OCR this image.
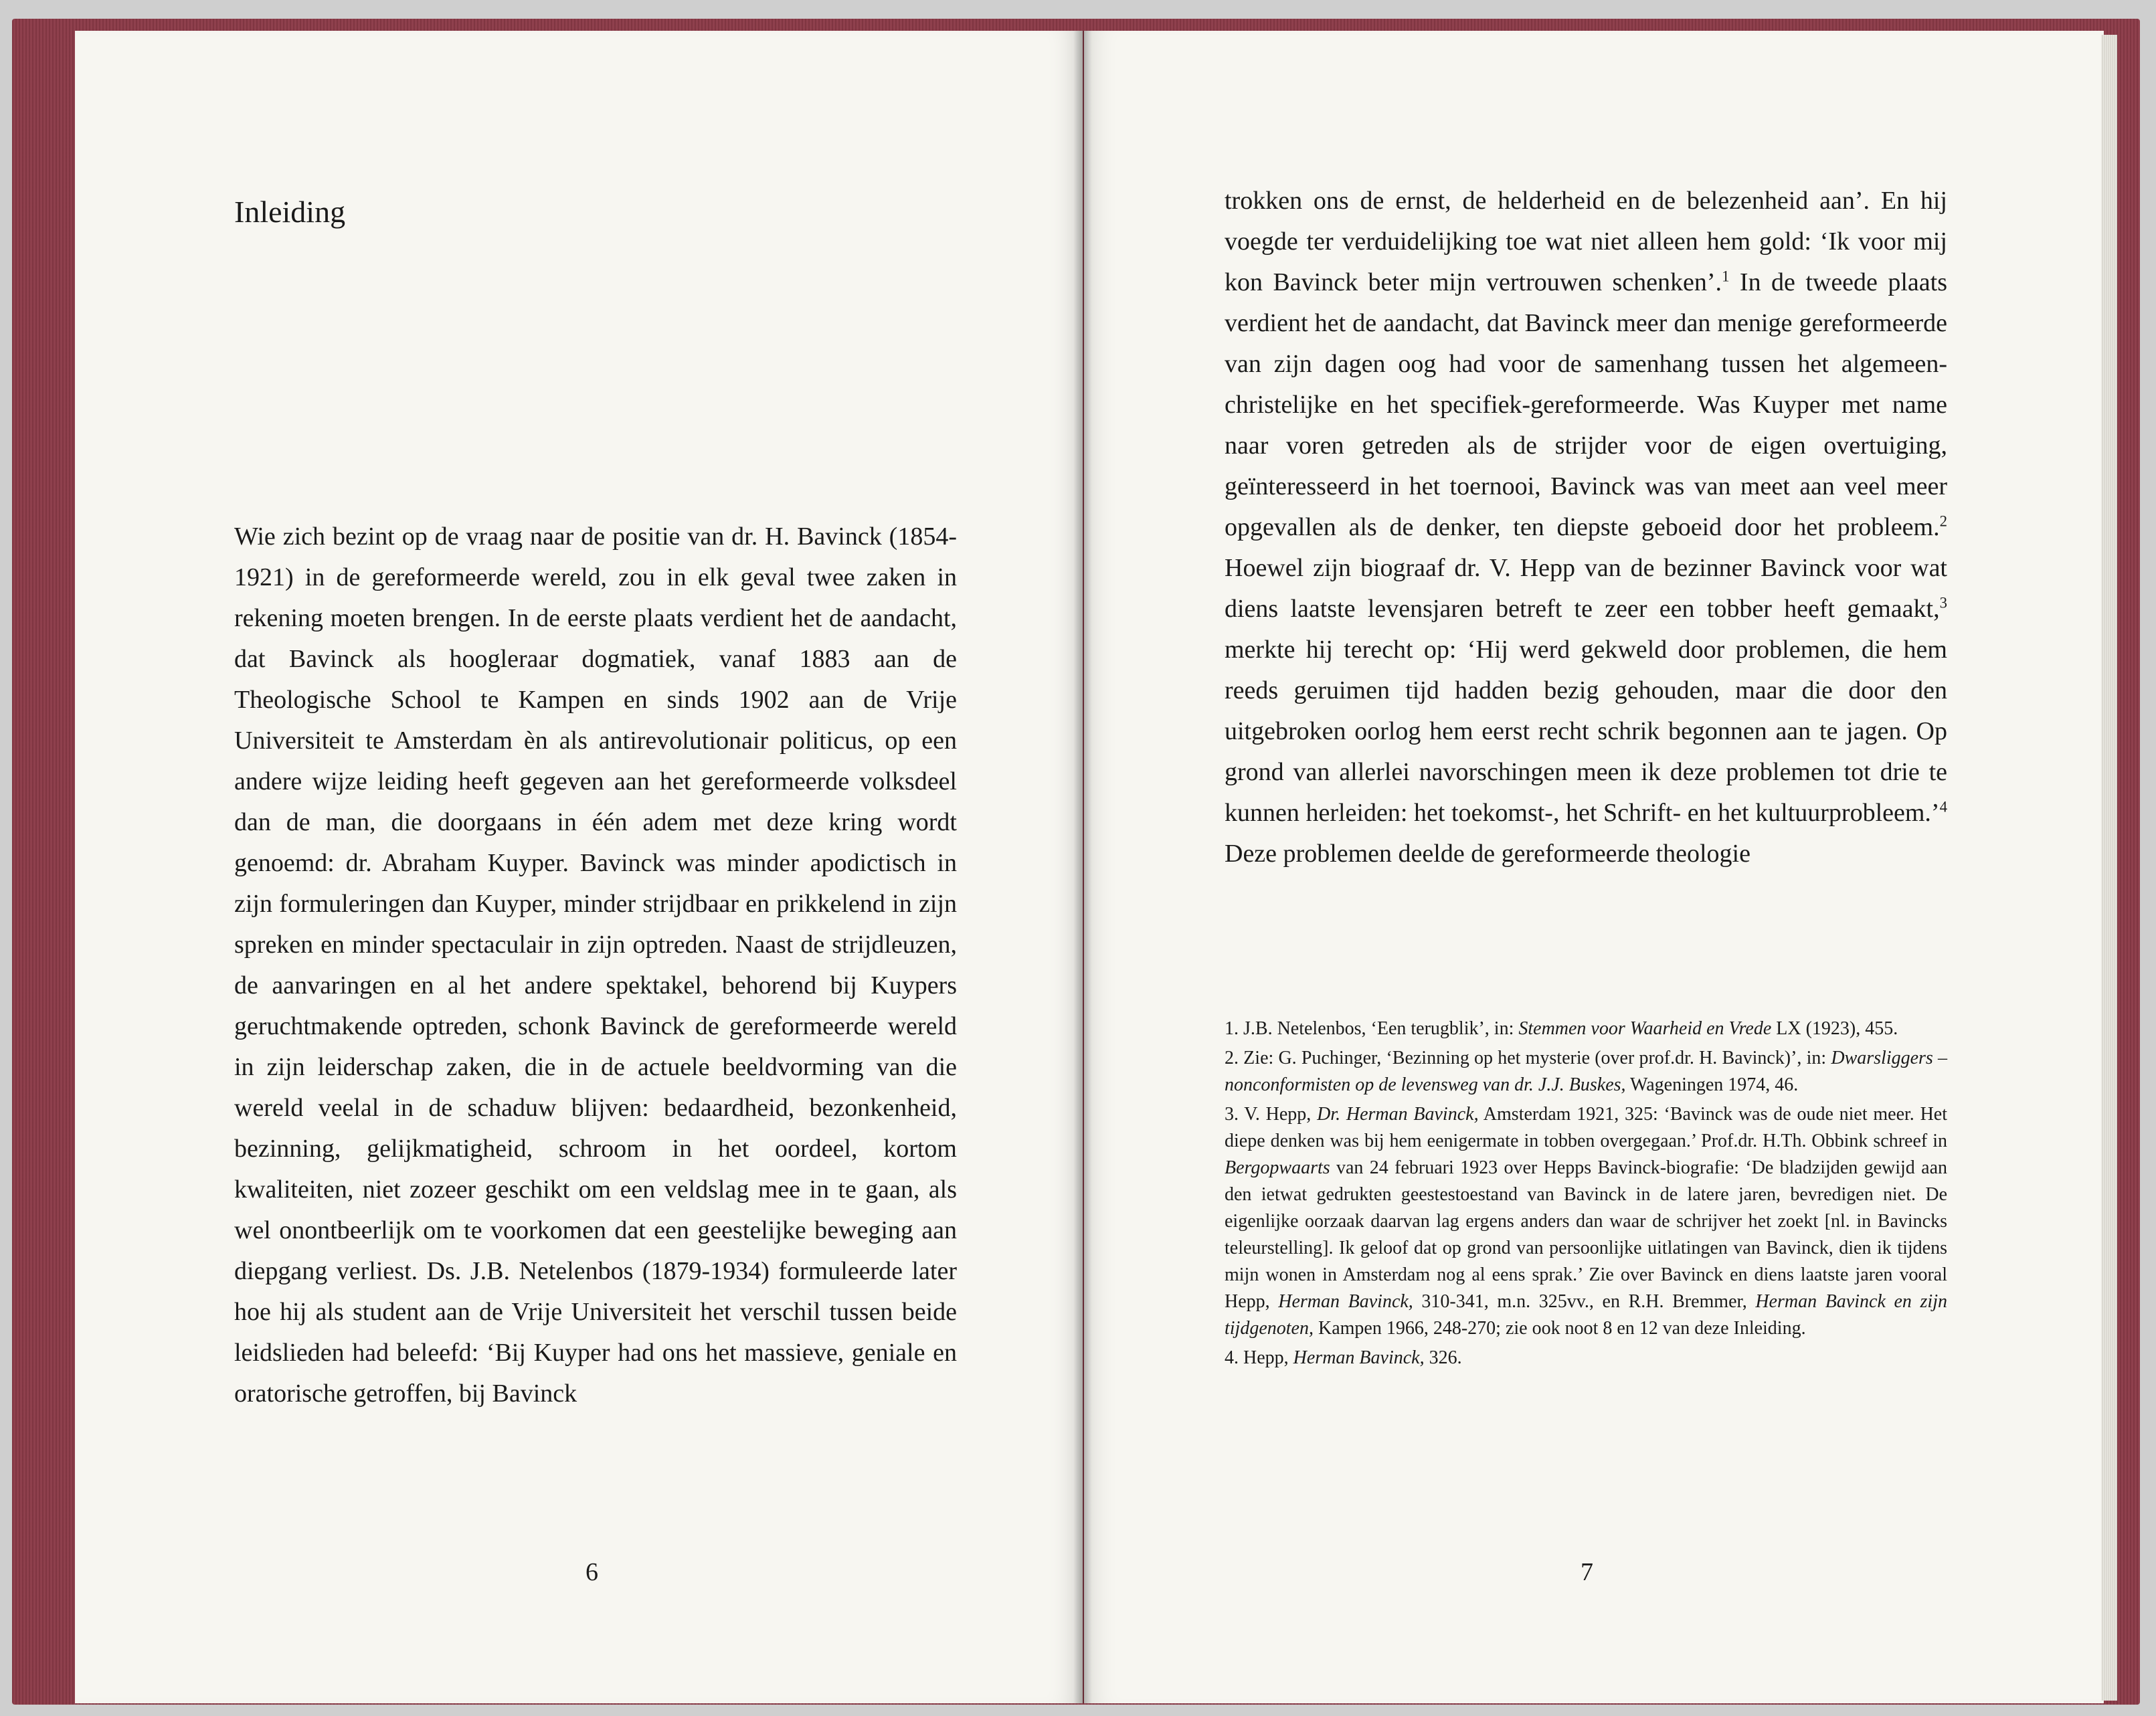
Inleiding

Wie zich bezint op de vraag naar de positie van dr. H. Bavinck (1854-1921) in de gereformeerde wereld, zou in elk geval twee zaken in rekening moeten brengen. In de eerste plaats verdient het de aandacht, dat Bavinck als hoogleraar dogmatiek, vanaf 1883 aan de Theologische School te Kampen en sinds 1902 aan de Vrije Universiteit te Amsterdam èn als antirevolutionair politicus, op een andere wijze leiding heeft gegeven aan het gereformeerde volksdeel dan de man, die doorgaans in één adem met deze kring wordt genoemd: dr. Abraham Kuyper. Bavinck was minder apodictisch in zijn formuleringen dan Kuyper, minder strijdbaar en prikkelend in zijn spreken en minder spectaculair in zijn optreden. Naast de strijdleuzen, de aanvaringen en al het andere spektakel, behorend bij Kuypers geruchtmakende optreden, schonk Bavinck de gereformeerde wereld in zijn leiderschap zaken, die in de actuele beeldvorming van die wereld veelal in de schaduw blijven: bedaardheid, bezonkenheid, bezinning, gelijkmatigheid, schroom in het oordeel, kortom kwaliteiten, niet zozeer geschikt om een veldslag mee in te gaan, als wel onontbeerlijk om te voorkomen dat een geestelijke beweging aan diepgang verliest. Ds. J.B. Netelenbos (1879-1934) formuleerde later hoe hij als student aan de Vrije Universiteit het verschil tussen beide leidslieden had beleefd: ‘Bij Kuyper had ons het massieve, geniale en oratorische getroffen, bij Bavinck

6

trokken ons de ernst, de helderheid en de belezenheid aan’. En hij voegde ter verduidelijking toe wat niet alleen hem gold: ‘Ik voor mij kon Bavinck beter mijn vertrouwen schenken’.$^1$ In de tweede plaats verdient het de aandacht, dat Bavinck meer dan menige gereformeerde van zijn dagen oog had voor de samenhang tussen het algemeen-christelijke en het specifiek-gereformeerde. Was Kuyper met name naar voren getreden als de strijder voor de eigen overtuiging, geïnteresseerd in het toernooi, Bavinck was van meet aan veel meer opgevallen als de denker, ten diepste geboeid door het probleem.$^2$ Hoewel zijn biograaf dr. V. Hepp van de bezinner Bavinck voor wat diens laatste levensjaren betreft te zeer een tobber heeft gemaakt,$^3$ merkte hij terecht op: ‘Hij werd gekweld door problemen, die hem reeds geruimen tijd hadden bezig gehouden, maar die door den uitgebroken oorlog hem eerst recht schrik begonnen aan te jagen. Op grond van allerlei navorschingen meen ik deze problemen tot drie te kunnen herleiden: het toekomst-, het Schrift- en het kultuurprobleem.’$^4$ Deze problemen deelde de gereformeerde theologie

1. J.B. Netelenbos, ‘Een terugblik’, in: Stemmen voor Waarheid en Vrede LX (1923), 455.
2. Zie: G. Puchinger, ‘Bezinning op het mysterie (over prof.dr. H. Bavinck)’, in: Dwarsliggers – nonconformisten op de levensweg van dr. J.J. Buskes, Wageningen 1974, 46.
3. V. Hepp, Dr. Herman Bavinck, Amsterdam 1921, 325: ‘Bavinck was de oude niet meer. Het diepe denken was bij hem eenigermate in tobben overgegaan.’ Prof.dr. H.Th. Obbink schreef in Bergopwaarts van 24 februari 1923 over Hepps Bavinck-biografie: ‘De bladzijden gewijd aan den ietwat gedrukten geestestoestand van Bavinck in de latere jaren, bevredigen niet. De eigenlijke oorzaak daarvan lag ergens anders dan waar de schrijver het zoekt [nl. in Bavincks teleurstelling]. Ik geloof dat op grond van persoonlijke uitlatingen van Bavinck, dien ik tijdens mijn wonen in Amsterdam nog al eens sprak.’ Zie over Bavinck en diens laatste jaren vooral Hepp, Herman Bavinck, 310-341, m.n. 325vv., en R.H. Bremmer, Herman Bavinck en zijn tijdgenoten, Kampen 1966, 248-270; zie ook noot 8 en 12 van deze Inleiding.
4. Hepp, Herman Bavinck, 326.
7
